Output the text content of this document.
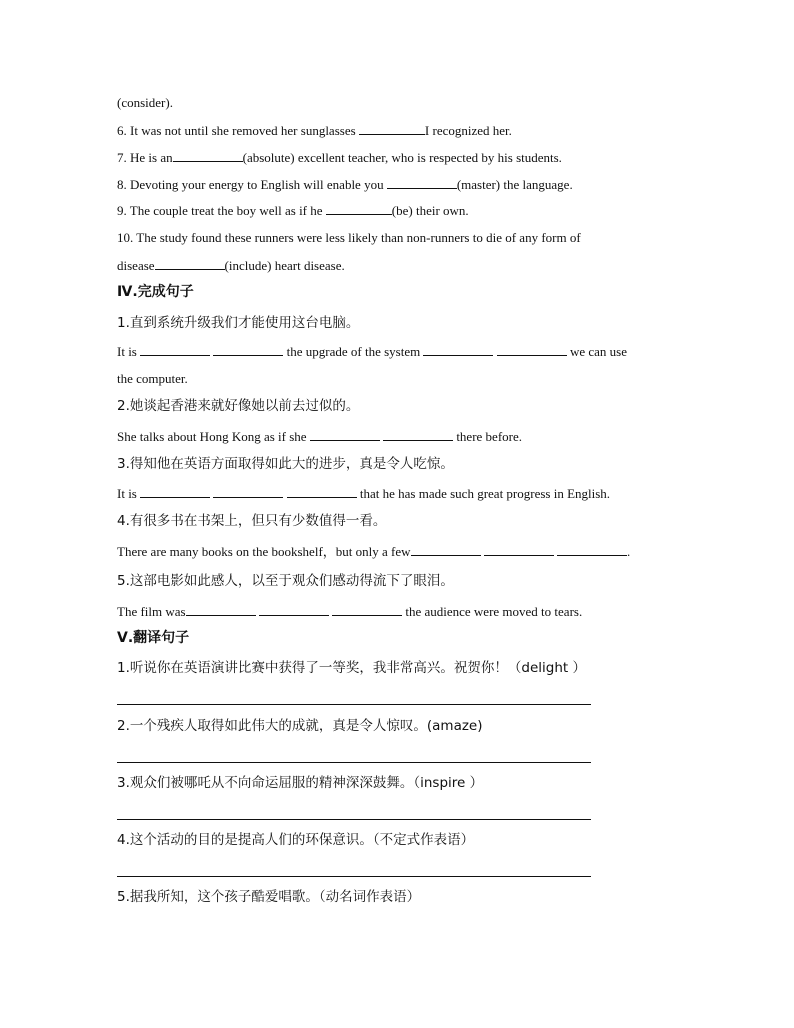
(consider).
6. It was not until she removed her sunglasses	I recognized her.
7. He is an	(absolute) excellent teacher, who is respected by his students.
8. Devoting your energy to English will enable you	(master) the language.
9. The couple treat the boy well as if he	(be) their own.
10. The study found these runners were less likely than non-runners to die of any form of
disease	(include) heart disease.
Ⅳ.完成句子
1.直到系统升级我们才能使用这台电脑。
It is	the upgrade of the system	we can use
the computer.
2.她谈起香港来就好像她以前去过似的。
She talks about Hong Kong as if she	there before.
3.得知他在英语方面取得如此大的进步，真是令人吃惊。
It is	that he has made such great progress in English.
4.有很多书在书架上，但只有少数值得一看。
There are many books on the bookshelf，but only a few	.
5.这部电影如此感人，以至于观众们感动得流下了眼泪。
The film was	the audience were moved to tears.
Ⅴ.翻译句子
1.听说你在英语演讲比赛中获得了一等奖，我非常高兴。祝贺你！（delight ）
2.一个残疾人取得如此伟大的成就，真是令人惊叹。(amaze)
3.观众们被哪吒从不向命运屈服的精神深深鼓舞。（inspire ）
4.这个活动的目的是提高人们的环保意识。（不定式作表语）
5.据我所知，这个孩子酷爱唱歌。（动名词作表语）
